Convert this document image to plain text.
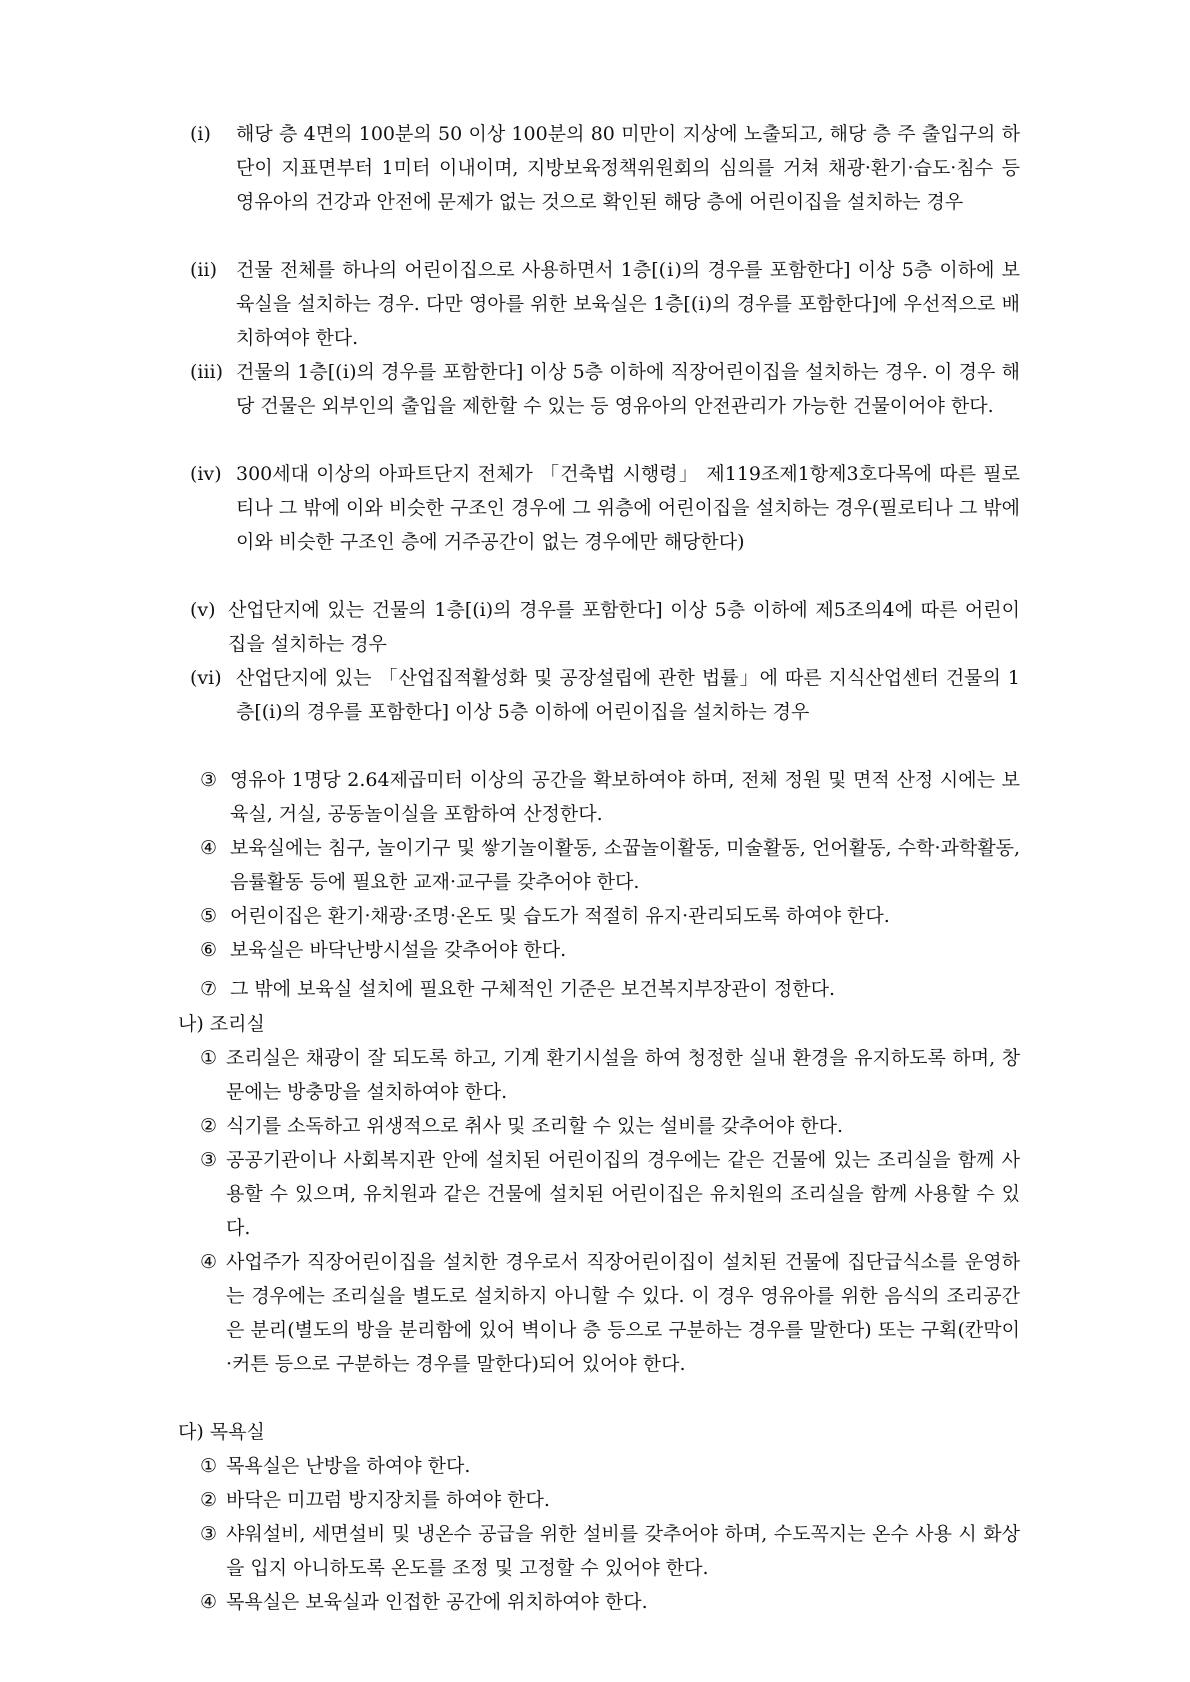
(ⅰ) 해당 층 4면의 100분의 50 이상 100분의 80 미만이 지상에 노출되고, 해당 층 주 출입구의 하단이 지표면부터 1미터 이내이며, 지방보육정책위원회의 심의를 거쳐 채광·환기·습도·침수 등 영유아의 건강과 안전에 문제가 없는 것으로 확인된 해당 층에 어린이집을 설치하는 경우
(ⅱ) 건물 전체를 하나의 어린이집으로 사용하면서 1층[(ⅰ)의 경우를 포함한다] 이상 5층 이하에 보육실을 설치하는 경우. 다만 영아를 위한 보육실은 1층[(ⅰ)의 경우를 포함한다]에 우선적으로 배치하여야 한다.
(ⅲ) 건물의 1층[(ⅰ)의 경우를 포함한다] 이상 5층 이하에 직장어린이집을 설치하는 경우. 이 경우 해당 건물은 외부인의 출입을 제한할 수 있는 등 영유아의 안전관리가 가능한 건물이어야 한다.
(ⅳ) 300세대 이상의 아파트단지 전체가 「건축법 시행령」 제119조제1항제3호다목에 따른 필로티나 그 밖에 이와 비슷한 구조인 경우에 그 위층에 어린이집을 설치하는 경우(필로티나 그 밖에 이와 비슷한 구조인 층에 거주공간이 없는 경우에만 해당한다)
(v) 산업단지에 있는 건물의 1층[(i)의 경우를 포함한다] 이상 5층 이하에 제5조의4에 따른 어린이집을 설치하는 경우
(vi) 산업단지에 있는 「산업집적활성화 및 공장설립에 관한 법률」에 따른 지식산업센터 건물의 1층[(i)의 경우를 포함한다] 이상 5층 이하에 어린이집을 설치하는 경우
③ 영유아 1명당 2.64제곱미터 이상의 공간을 확보하여야 하며, 전체 정원 및 면적 산정 시에는 보육실, 거실, 공동놀이실을 포함하여 산정한다.
④ 보육실에는 침구, 놀이기구 및 쌓기놀이활동, 소꿉놀이활동, 미술활동, 언어활동, 수학·과학활동, 음률활동 등에 필요한 교재·교구를 갖추어야 한다.
⑤ 어린이집은 환기·채광·조명·온도 및 습도가 적절히 유지·관리되도록 하여야 한다.
⑥ 보육실은 바닥난방시설을 갖추어야 한다.
⑦ 그 밖에 보육실 설치에 필요한 구체적인 기준은 보건복지부장관이 정한다.
나) 조리실
① 조리실은 채광이 잘 되도록 하고, 기계 환기시설을 하여 청정한 실내 환경을 유지하도록 하며, 창문에는 방충망을 설치하여야 한다.
② 식기를 소독하고 위생적으로 취사 및 조리할 수 있는 설비를 갖추어야 한다.
③ 공공기관이나 사회복지관 안에 설치된 어린이집의 경우에는 같은 건물에 있는 조리실을 함께 사용할 수 있으며, 유치원과 같은 건물에 설치된 어린이집은 유치원의 조리실을 함께 사용할 수 있다.
④ 사업주가 직장어린이집을 설치한 경우로서 직장어린이집이 설치된 건물에 집단급식소를 운영하는 경우에는 조리실을 별도로 설치하지 아니할 수 있다. 이 경우 영유아를 위한 음식의 조리공간은 분리(별도의 방을 분리함에 있어 벽이나 층 등으로 구분하는 경우를 말한다) 또는 구획(칸막이·커튼 등으로 구분하는 경우를 말한다)되어 있어야 한다.
다) 목욕실
① 목욕실은 난방을 하여야 한다.
② 바닥은 미끄럼 방지장치를 하여야 한다.
③ 샤워설비, 세면설비 및 냉온수 공급을 위한 설비를 갖추어야 하며, 수도꼭지는 온수 사용 시 화상을 입지 아니하도록 온도를 조정 및 고정할 수 있어야 한다.
④ 목욕실은 보육실과 인접한 공간에 위치하여야 한다.
